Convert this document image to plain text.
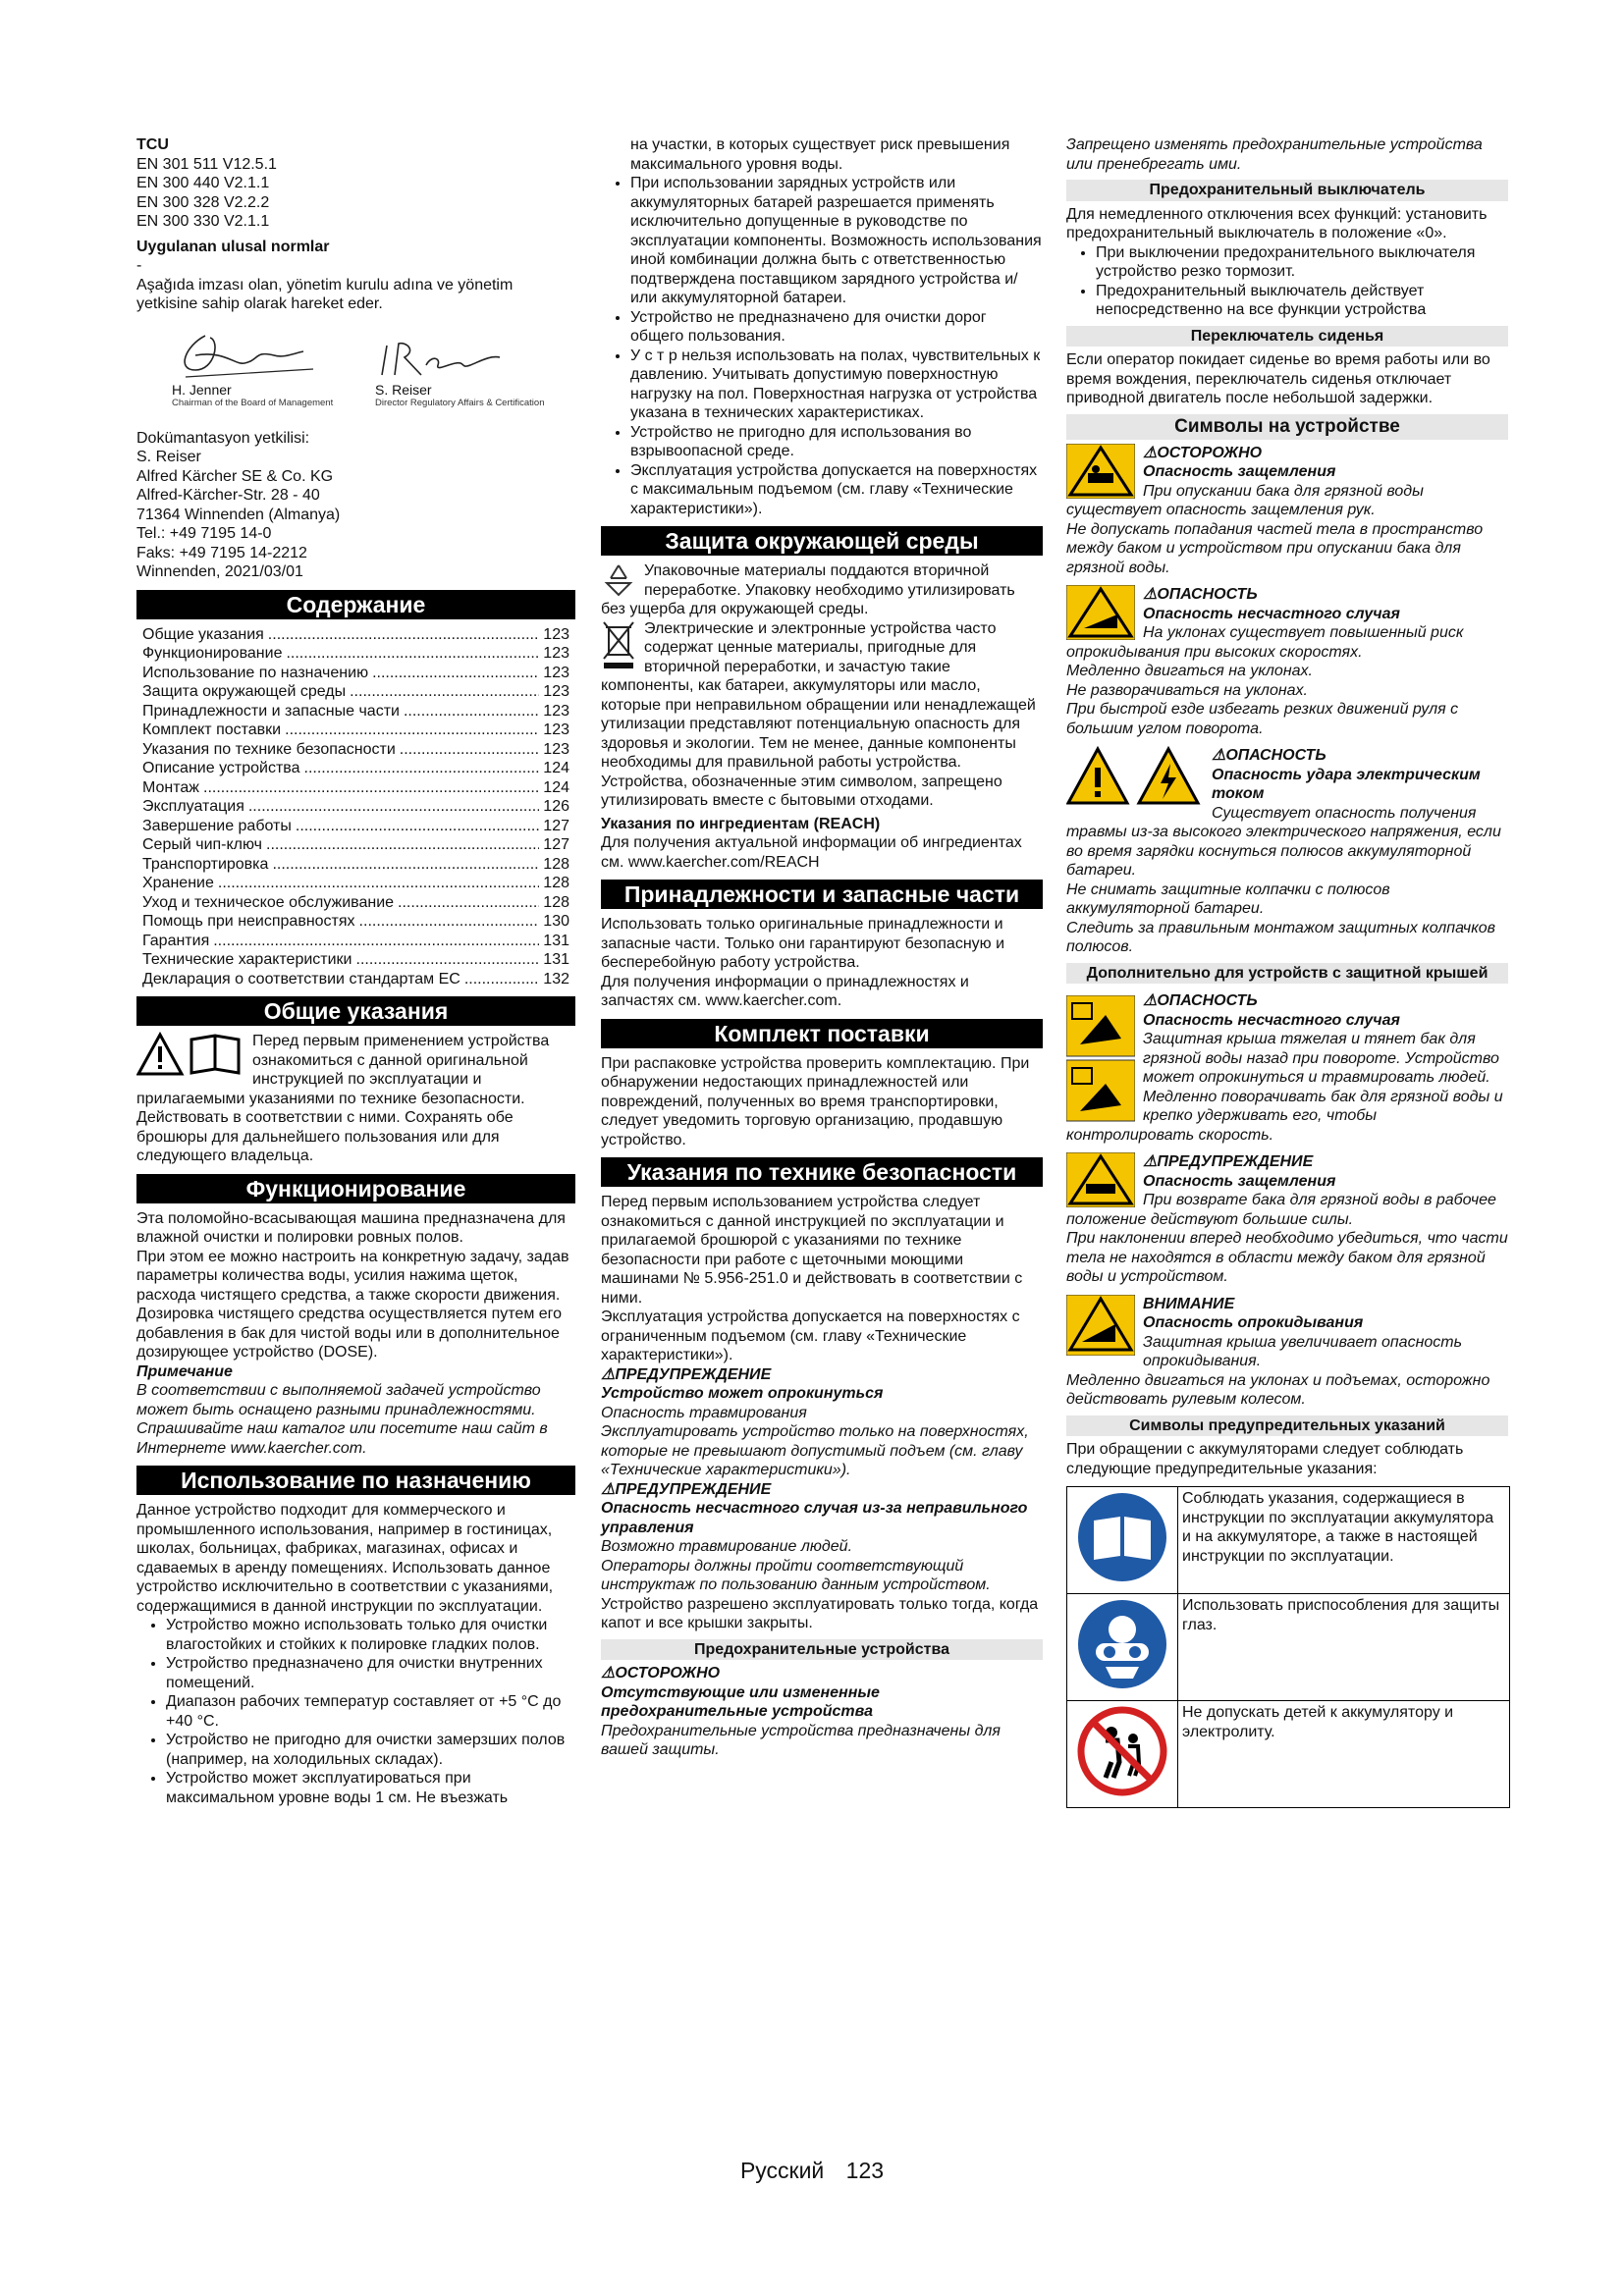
TCU

EN 301 511 V12.5.1

EN 300 440 V2.1.1

EN 300 328 V2.2.2

EN 300 330 V2.1.1

Uygulanan ulusal normlar

-

Aşağıda imzası olan, yönetim kurulu adına ve yönetim yetkisine sahip olarak hareket eder.

H. Jenner
Chairman of the Board of Management
S. Reiser
Director Regulatory Affairs & Certification

Dokümantasyon yetkilisi:

S. Reiser

Alfred Kärcher SE & Co. KG

Alfred-Kärcher-Str. 28 - 40

71364 Winnenden (Almanya)

Tel.: +49 7195 14-0

Faks: +49 7195 14-2212

Winnenden, 2021/03/01

Содержание
Общие указания .....	123
Функционирование .....	123
Использование по назначению .....	123
Защита окружающей среды .....	123
Принадлежности и запасные части .....	123
Комплект поставки .....	123
Указания по технике безопасности .....	123
Описание устройства .....	124
Монтаж .....	124
Эксплуатация .....	126
Завершение работы .....	127
Серый чип-ключ .....	127
Транспортировка .....	128
Хранение .....	128
Уход и техническое обслуживание .....	128
Помощь при неисправностях .....	130
Гарантия .....	131
Технические характеристики .....	131
Декларация о соответствии стандартам ЕС .....	132
Общие указания

Перед первым применением устройства ознакомиться с данной оригинальной инструкцией по эксплуатации и прилагаемыми указаниями по технике безопасности. Действовать в соответствии с ними. Сохранять обе брошюры для дальнейшего пользования или для следующего владельца.

Функционирование

Эта поломойно-всасывающая машина предназначена для влажной очистки и полировки ровных полов.

При этом ее можно настроить на конкретную задачу, задав параметры количества воды, усилия нажима щеток, расхода чистящего средства, а также скорости движения. Дозировка чистящего средства осуществляется путем его добавления в бак для чистой воды или в дополнительное дозирующее устройство (DOSE).

Примечание

В соответствии с выполняемой задачей устройство может быть оснащено разными принадлежностями. Спрашивайте наш каталог или посетите наш сайт в Интернете www.kaercher.com.

Использование по назначению

Данное устройство подходит для коммерческого и промышленного использования, например в гостиницах, школах, больницах, фабриках, магазинах, офисах и сдаваемых в аренду помещениях. Использовать данное устройство исключительно в соответствии с указаниями, содержащимися в данной инструкции по эксплуатации.

• Устройство можно использовать только для очистки влагостойких и стойких к полировке гладких полов.
• Устройство предназначено для очистки внутренних помещений.
• Диапазон рабочих температур составляет от +5 °C до +40 °C.
• Устройство не пригодно для очистки замерзших полов (например, на холодильных складах).
• Устройство может эксплуатироваться при максимальном уровне воды 1 см. Не въезжать

на участки, в которых существует риск превышения максимального уровня воды.

• При использовании зарядных устройств или аккумуляторных батарей разрешается применять исключительно допущенные в руководстве по эксплуатации компоненты. Возможность использования иной комбинации должна быть с ответственностью подтверждена поставщиком зарядного устройства и/или аккумуляторной батареи.
• Устройство не предназначено для очистки дорог общего пользования.
• У с т р нельзя использовать на полах, чувствительных к давлению. Учитывать допустимую поверхностную нагрузку на пол. Поверхностная нагрузка от устройства указана в технических характеристиках.
• Устройство не пригодно для использования во взрывоопасной среде.
• Эксплуатация устройства допускается на поверхностях с максимальным подъемом (см. главу «Технические характеристики»).
Защита окружающей среды

Упаковочные материалы поддаются вторичной переработке. Упаковку необходимо утилизировать без ущерба для окружающей среды.

Электрические и электронные устройства часто содержат ценные материалы, пригодные для вторичной переработки, и зачастую такие компоненты, как батареи, аккумуляторы или масло, которые при неправильном обращении или ненадлежащей утилизации представляют потенциальную опасность для здоровья и экологии. Тем не менее, данные компоненты необходимы для правильной работы устройства. Устройства, обозначенные этим символом, запрещено утилизировать вместе с бытовыми отходами.

Указания по ингредиентам (REACH)

Для получения актуальной информации об ингредиентах см. www.kaercher.com/REACH

Принадлежности и запасные части

Использовать только оригинальные принадлежности и запасные части. Только они гарантируют безопасную и бесперебойную работу устройства.

Для получения информации о принадлежностях и запчастях см. www.kaercher.com.

Комплект поставки

При распаковке устройства проверить комплектацию. При обнаружении недостающих принадлежностей или повреждений, полученных во время транспортировки, следует уведомить торговую организацию, продавшую устройство.

Указания по технике безопасности

Перед первым использованием устройства следует ознакомиться с данной инструкцией по эксплуатации и прилагаемой брошюрой с указаниями по технике безопасности при работе с щеточными моющими машинами № 5.956-251.0 и действовать в соответствии с ними.

Эксплуатация устройства допускается на поверхностях с ограниченным подъемом (см. главу «Технические характеристики»).

⚠ПРЕДУПРЕЖДЕНИЕ

Устройство может опрокинуться

Опасность травмирования
Эксплуатировать устройство только на поверхностях, которые не превышают допустимый подъем (см. главу «Технические характеристики»).

⚠ПРЕДУПРЕЖДЕНИЕ

Опасность несчастного случая из-за неправильного управления

Возможно травмирование людей.
Операторы должны пройти соответствующий инструктаж по пользованию данным устройством.

Устройство разрешено эксплуатировать только тогда, когда капот и все крышки закрыты.

Предохранительные устройства

⚠ОСТОРОЖНО

Отсутствующие или измененные предохранительные устройства

Предохранительные устройства предназначены для вашей защиты.

Запрещено изменять предохранительные устройства или пренебрегать ими.

Предохранительный выключатель

Для немедленного отключения всех функций: установить предохранительный выключатель в положение «0».

• При выключении предохранительного выключателя устройство резко тормозит.
• Предохранительный выключатель действует непосредственно на все функции устройства
Переключатель сиденья

Если оператор покидает сиденье во время работы или во время вождения, переключатель сиденья отключает приводной двигатель после небольшой задержки.

Символы на устройстве

⚠ОСТОРОЖНО

Опасность защемления

При опускании бака для грязной воды существует опасность защемления рук.

Не допускать попадания частей тела в пространство между баком и устройством при опускании бака для грязной воды.

⚠ОПАСНОСТЬ

Опасность несчастного случая

На уклонах существует повышенный риск опрокидывания при высоких скоростях.

Медленно двигаться на уклонах.

Не разворачиваться на уклонах.

При быстрой езде избегать резких движений руля с большим углом поворота.

⚠ОПАСНОСТЬ

Опасность удара электрическим током

Существует опасность получения травмы из-за высокого электрического напряжения, если во время зарядки коснуться полюсов аккумуляторной батареи.

Не снимать защитные колпачки с полюсов аккумуляторной батареи.

Следить за правильным монтажом защитных колпачков полюсов.

Дополнительно для устройств с защитной крышей

⚠ОПАСНОСТЬ

Опасность несчастного случая

Защитная крыша тяжелая и тянет бак для грязной воды назад при повороте. Устройство может опрокинуться и травмировать людей.

Медленно поворачивать бак для грязной воды и крепко удерживать его, чтобы контролировать скорость.

⚠ПРЕДУПРЕЖДЕНИЕ

Опасность защемления

При возврате бака для грязной воды в рабочее положение действуют большие силы.

При наклонении вперед необходимо убедиться, что части тела не находятся в области между баком для грязной воды и устройством.

ВНИМАНИЕ

Опасность опрокидывания

Защитная крыша увеличивает опасность опрокидывания.

Медленно двигаться на уклонах и подъемах, осторожно действовать рулевым колесом.

Символы предупредительных указаний

При обращении с аккумуляторами следует соблюдать следующие предупредительные указания:

	Соблюдать указания, содержащиеся в инструкции по эксплуатации аккумулятора и на аккумуляторе, а также в настоящей инструкции по эксплуатации.
	Использовать приспособления для защиты глаз.
	Не допускать детей к аккумулятору и электролиту.
Русский 123
